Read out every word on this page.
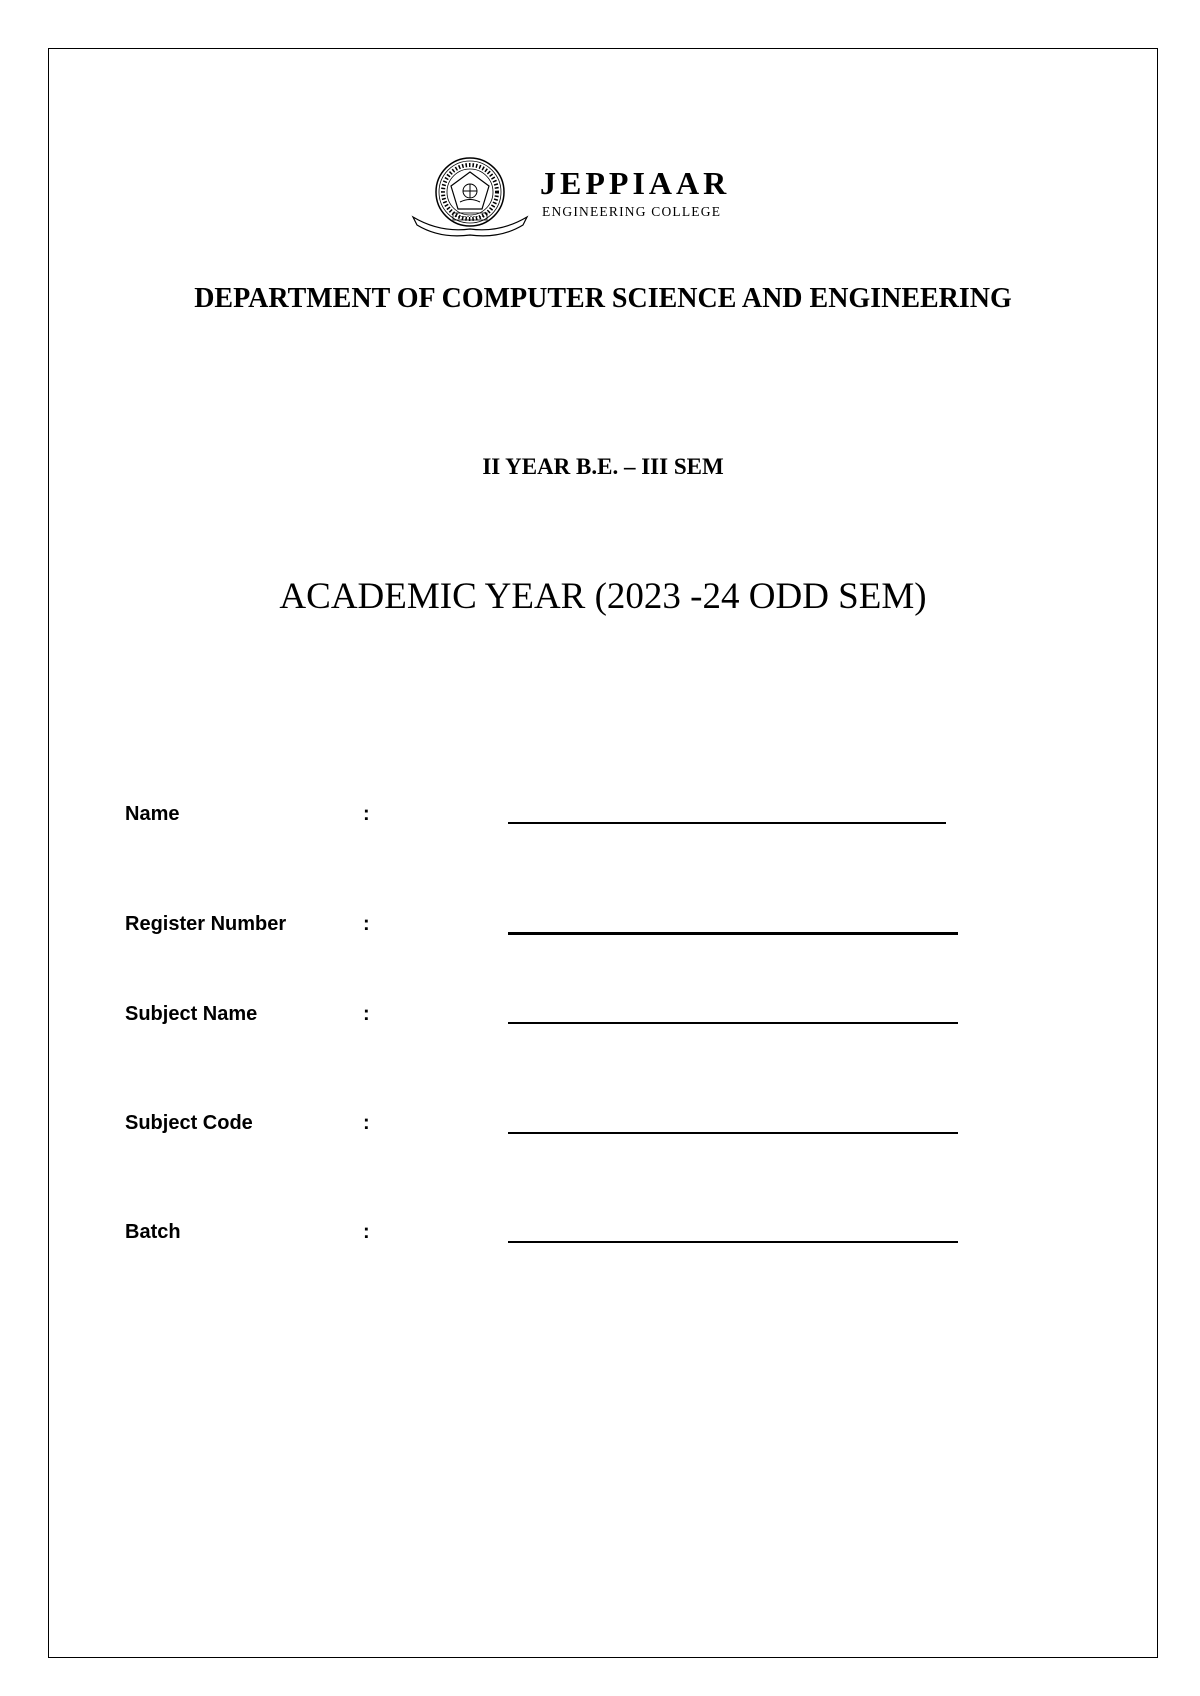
JEPPIAAR
ENGINEERING COLLEGE
DEPARTMENT OF COMPUTER SCIENCE AND ENGINEERING
II YEAR B.E. – III SEM
ACADEMIC YEAR (2023 -24 ODD SEM)
Name	:
Register Number	:
Subject Name	:
Subject Code	:
Batch	:
